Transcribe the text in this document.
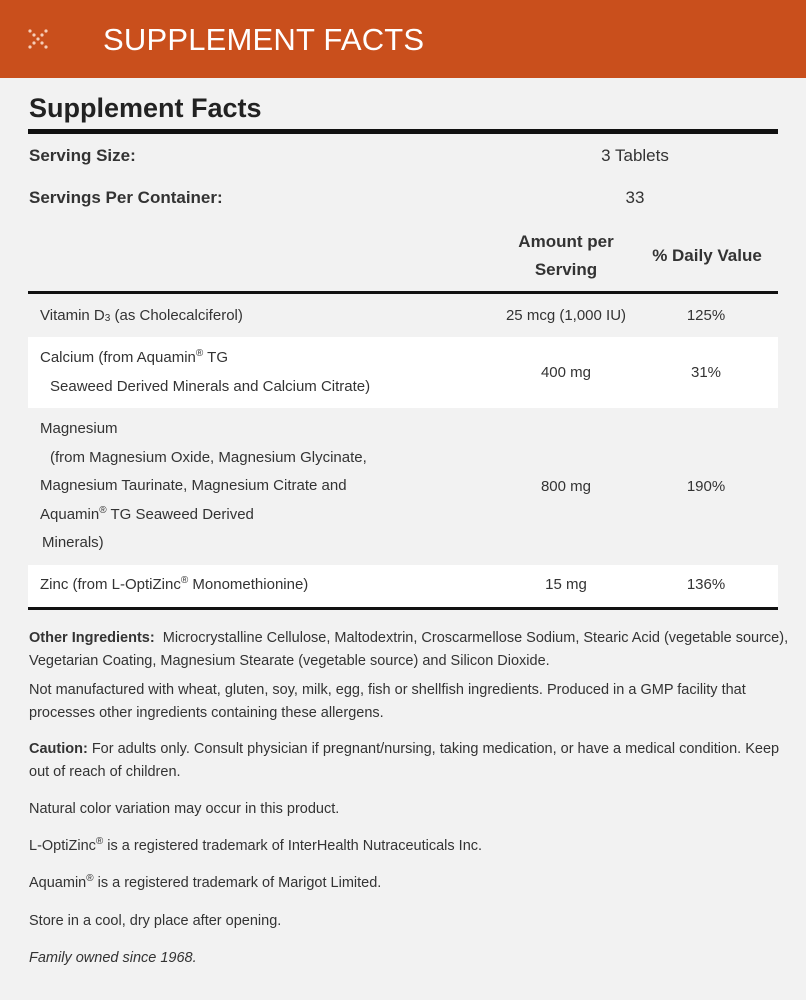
SUPPLEMENT FACTS
Supplement Facts
Serving Size:	3 Tablets
Servings Per Container:	33
Amount per
Serving
% Daily Value
Vitamin $D_3$ (as Cholecalciferol)	25 mcg (1,000 IU)	125%
Calcium (from Aquamin® TG
Seaweed Derived Minerals and Calcium Citrate)
400 mg	31%
Magnesium
(from Magnesium Oxide, Magnesium Glycinate,
Magnesium Taurinate, Magnesium Citrate and
Aquamin® TG Seaweed Derived
Minerals)
800 mg	190%
Zinc (from L-OptiZinc® Monomethionine)	15 mg	136%
Other Ingredients:  Microcrystalline Cellulose, Maltodextrin, Croscarmellose Sodium, Stearic Acid (vegetable source), Vegetarian Coating, Magnesium Stearate (vegetable source) and Silicon Dioxide.
Not manufactured with wheat, gluten, soy, milk, egg, fish or shellfish ingredients. Produced in a GMP facility that processes other ingredients containing these allergens.
Caution: For adults only. Consult physician if pregnant/nursing, taking medication, or have a medical condition. Keep out of reach of children.
Natural color variation may occur in this product.
L-OptiZinc® is a registered trademark of InterHealth Nutraceuticals Inc.
Aquamin® is a registered trademark of Marigot Limited.
Store in a cool, dry place after opening.
Family owned since 1968.
